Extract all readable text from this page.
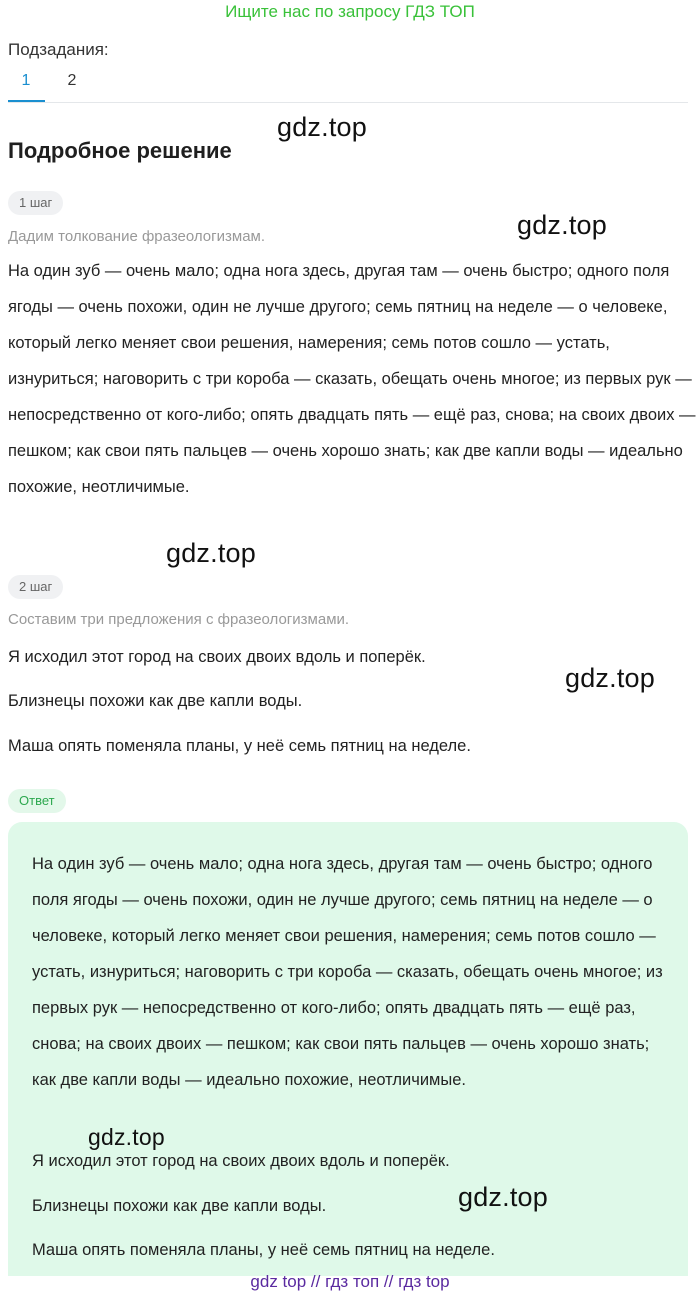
Ищите нас по запросу ГДЗ ТОП
Подзадания:
1	2
Подробное решение
gdz.top
gdz.top
gdz.top
gdz.top
1 шаг
Дадим толкование фразеологизмам.

На один зуб — очень мало; одна нога здесь, другая там — очень быстро; одного поля ягоды — очень похожи, один не лучше другого; семь пятниц на неделе — о человеке, который легко меняет свои решения, намерения; семь потов сошло — устать, изнуриться; наговорить с три короба — сказать, обещать очень многое; из первых рук — непосредственно от кого-либо; опять двадцать пять — ещё раз, снова; на своих двоих — пешком; как свои пять пальцев — очень хорошо знать; как две капли воды — идеально похожие, неотличимые.

2 шаг
Составим три предложения с фразеологизмами.
Я исходил этот город на своих двоих вдоль и поперёк.
Близнецы похожи как две капли воды.
Маша опять поменяла планы, у неё семь пятниц на неделе.
Ответ

На один зуб — очень мало; одна нога здесь, другая там — очень быстро; одного поля ягоды — очень похожи, один не лучше другого; семь пятниц на неделе — о человеке, который легко меняет свои решения, намерения; семь потов сошло — устать, изнуриться; наговорить с три короба — сказать, обещать очень многое; из первых рук — непосредственно от кого-либо; опять двадцать пять — ещё раз, снова; на своих двоих — пешком; как свои пять пальцев — очень хорошо знать; как две капли воды — идеально похожие, неотличимые.

Я исходил этот город на своих двоих вдоль и поперёк.
Близнецы похожи как две капли воды.
Маша опять поменяла планы, у неё семь пятниц на неделе.
gdz.top
gdz.top
gdz top // гдз топ // гдз top
